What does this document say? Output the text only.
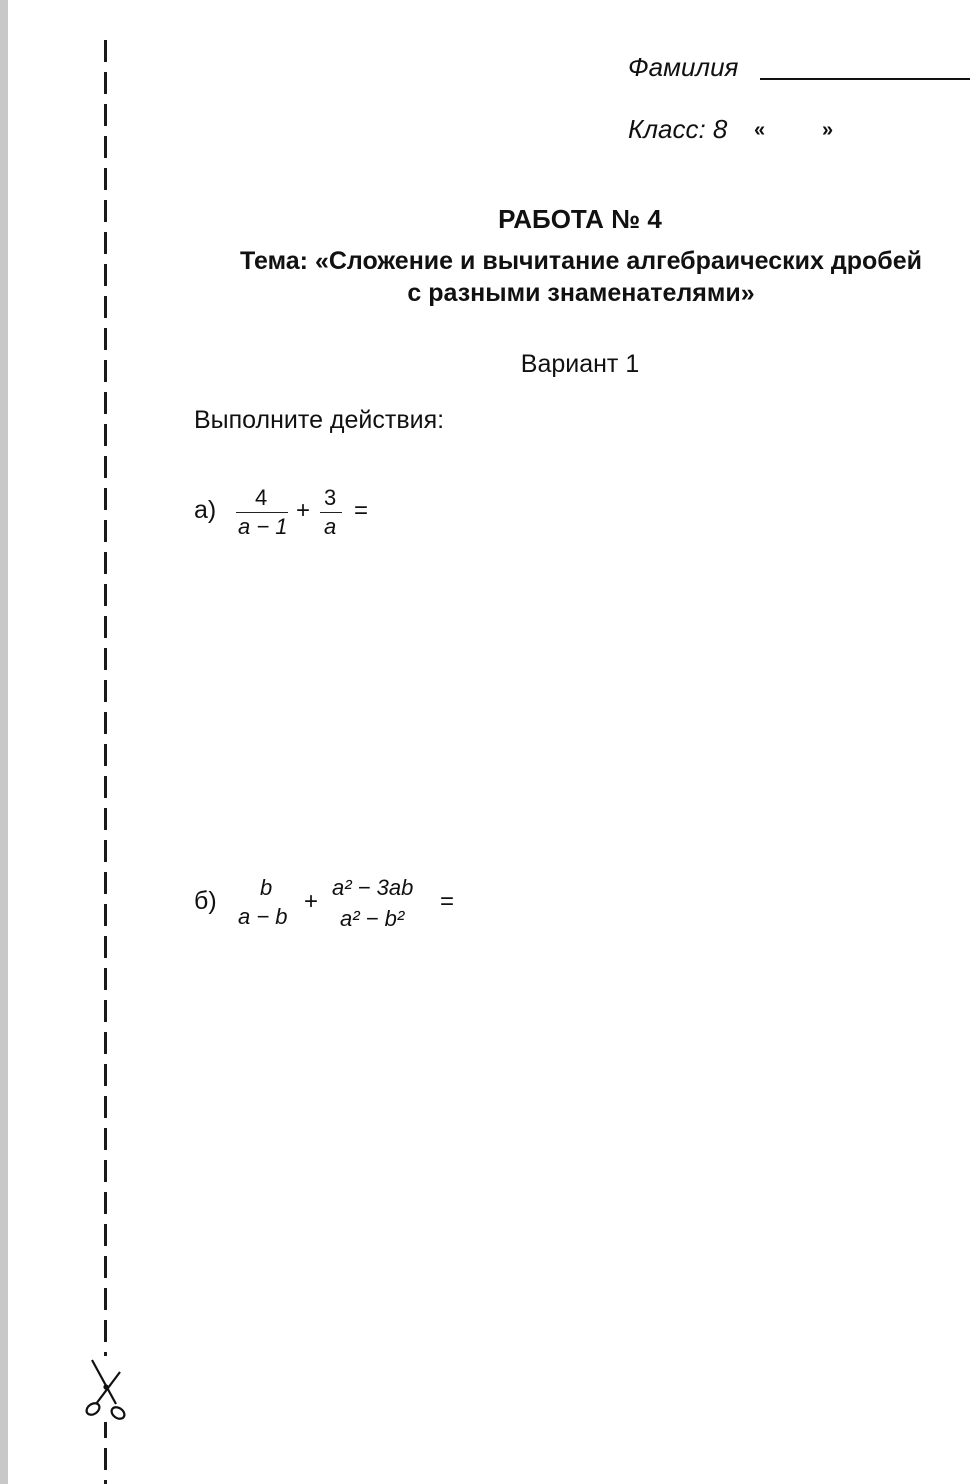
Фамилия
Класс: 8 «	»
РАБОТА № 4
Тема: «Сложение и вычитание алгебраических дробей
с разными знаменателями»
Вариант 1
Выполните действия:
а) 4
a − 1
+ 3
a
=
б) b
a − b
+
a² − 3ab
a² − b²
=
